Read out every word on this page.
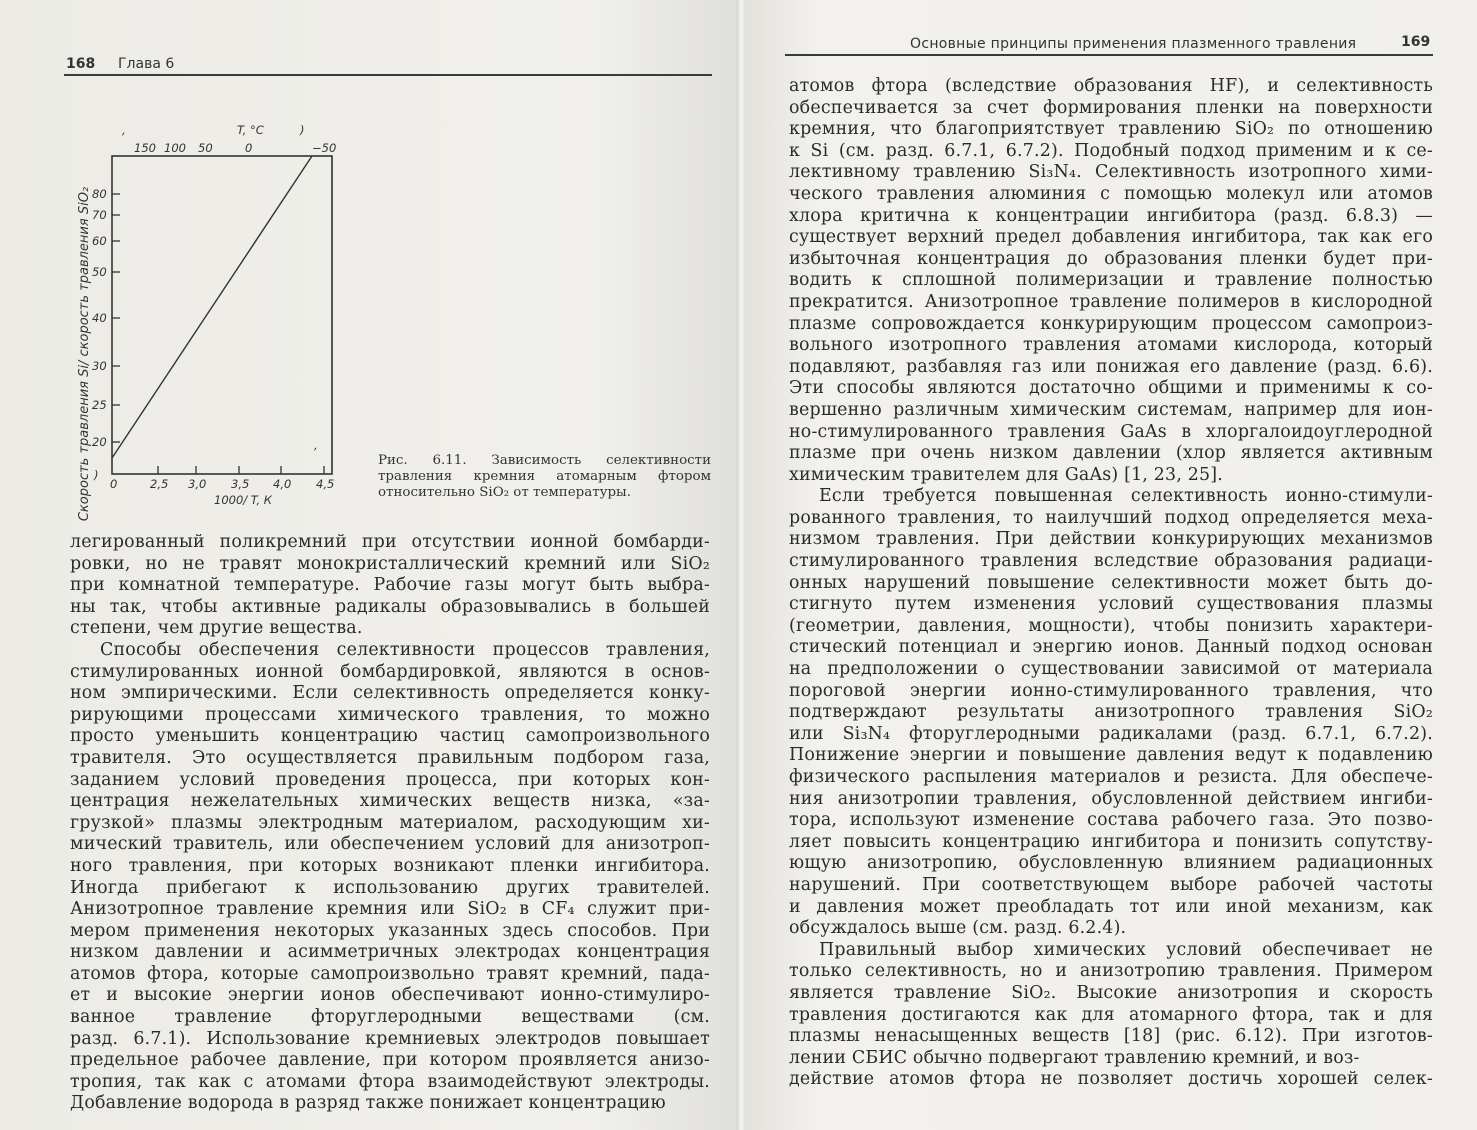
168 Глава 6
Скорость травления Si/ скорость травления SiO₂
T, °C
,	)
150 100 50	0	−50
80
70
60
50
40
30
25
20
0	2,5 3,0 3,5 4,0 4,5
)
,
1000/ T, К
Рис. 6.11. Зависимость селективности
травления кремния атомарным фтором
относительно SiO₂ от температуры.
легированный поликремний при отсутствии ионной бомбарди-
ровки, но не травят монокристаллический кремний или SiO₂
при комнатной температуре. Рабочие газы могут быть выбра-
ны так, чтобы активные радикалы образовывались в большей
степени, чем другие вещества.
Способы обеспечения селективности процессов травления,
стимулированных ионной бомбардировкой, являются в основ-
ном эмпирическими. Если селективность определяется конку-
рирующими процессами химического травления, то можно
просто уменьшить концентрацию частиц самопроизвольного
травителя. Это осуществляется правильным подбором газа,
заданием условий проведения процесса, при которых кон-
центрация нежелательных химических веществ низка, «за-
грузкой» плазмы электродным материалом, расходующим хи-
мический травитель, или обеспечением условий для анизотроп-
ного травления, при которых возникают пленки ингибитора.
Иногда прибегают к использованию других травителей.
Анизотропное травление кремния или SiO₂ в CF₄ служит при-
мером применения некоторых указанных здесь способов. При
низком давлении и асимметричных электродах концентрация
атомов фтора, которые самопроизвольно травят кремний, пада-
ет и высокие энергии ионов обеспечивают ионно-стимулиро-
ванное травление фторуглеродными веществами (см.
разд. 6.7.1). Использование кремниевых электродов повышает
предельное рабочее давление, при котором проявляется анизо-
тропия, так как с атомами фтора взаимодействуют электроды.
Добавление водорода в разряд также понижает концентрацию
Основные принципы применения плазменного травления	169
атомов фтора (вследствие образования HF), и селективность
обеспечивается за счет формирования пленки на поверхности
кремния, что благоприятствует травлению SiO₂ по отношению
к Si (см. разд. 6.7.1, 6.7.2). Подобный подход применим и к се-
лективному травлению Si₃N₄. Селективность изотропного хими-
ческого травления алюминия с помощью молекул или атомов
хлора критична к концентрации ингибитора (разд. 6.8.3) —
существует верхний предел добавления ингибитора, так как его
избыточная концентрация до образования пленки будет при-
водить к сплошной полимеризации и травление полностью
прекратится. Анизотропное травление полимеров в кислородной
плазме сопровождается конкурирующим процессом самопроиз-
вольного изотропного травления атомами кислорода, который
подавляют, разбавляя газ или понижая его давление (разд. 6.6).
Эти способы являются достаточно общими и применимы к со-
вершенно различным химическим системам, например для ион-
но-стимулированного травления GaAs в хлоргалоидоуглеродной
плазме при очень низком давлении (хлор является активным
химическим травителем для GaAs) [1, 23, 25].
Если требуется повышенная селективность ионно-стимули-
рованного травления, то наилучший подход определяется меха-
низмом травления. При действии конкурирующих механизмов
стимулированного травления вследствие образования радиаци-
онных нарушений повышение селективности может быть до-
стигнуто путем изменения условий существования плазмы
(геометрии, давления, мощности), чтобы понизить характери-
стический потенциал и энергию ионов. Данный подход основан
на предположении о существовании зависимой от материала
пороговой энергии ионно-стимулированного травления, что
подтверждают результаты анизотропного травления SiO₂
или Si₃N₄ фторуглеродными радикалами (разд. 6.7.1, 6.7.2).
Понижение энергии и повышение давления ведут к подавлению
физического распыления материалов и резиста. Для обеспече-
ния анизотропии травления, обусловленной действием ингиби-
тора, используют изменение состава рабочего газа. Это позво-
ляет повысить концентрацию ингибитора и понизить сопутству-
ющую анизотропию, обусловленную влиянием радиационных
нарушений. При соответствующем выборе рабочей частоты
и давления может преобладать тот или иной механизм, как
обсуждалось выше (см. разд. 6.2.4).
Правильный выбор химических условий обеспечивает не
только селективность, но и анизотропию травления. Примером
является травление SiO₂. Высокие анизотропия и скорость
травления достигаются как для атомарного фтора, так и для
плазмы ненасыщенных веществ [18] (рис. 6.12). При изготов-
лении СБИС обычно подвергают травлению кремний, и воз-
действие атомов фтора не позволяет достичь хорошей селек-
